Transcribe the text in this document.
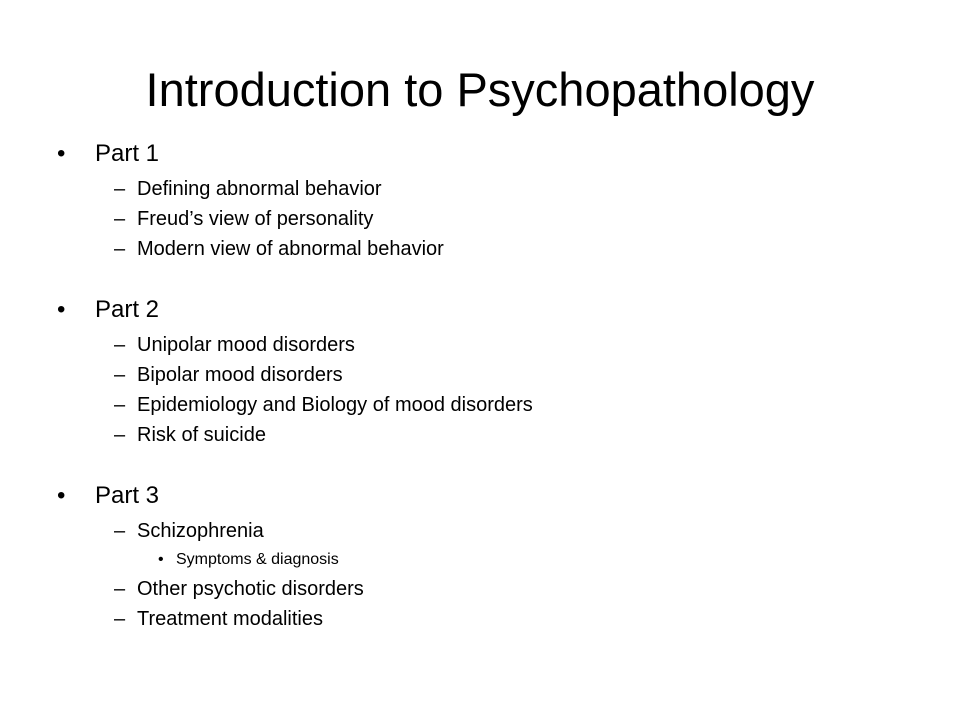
Introduction to Psychopathology
• Part 1
– Defining abnormal behavior
– Freud’s view of personality
– Modern view of abnormal behavior
• Part 2
– Unipolar mood disorders
– Bipolar mood disorders
– Epidemiology and Biology of mood disorders
– Risk of suicide
• Part 3
– Schizophrenia
• Symptoms & diagnosis
– Other psychotic disorders
– Treatment modalities
